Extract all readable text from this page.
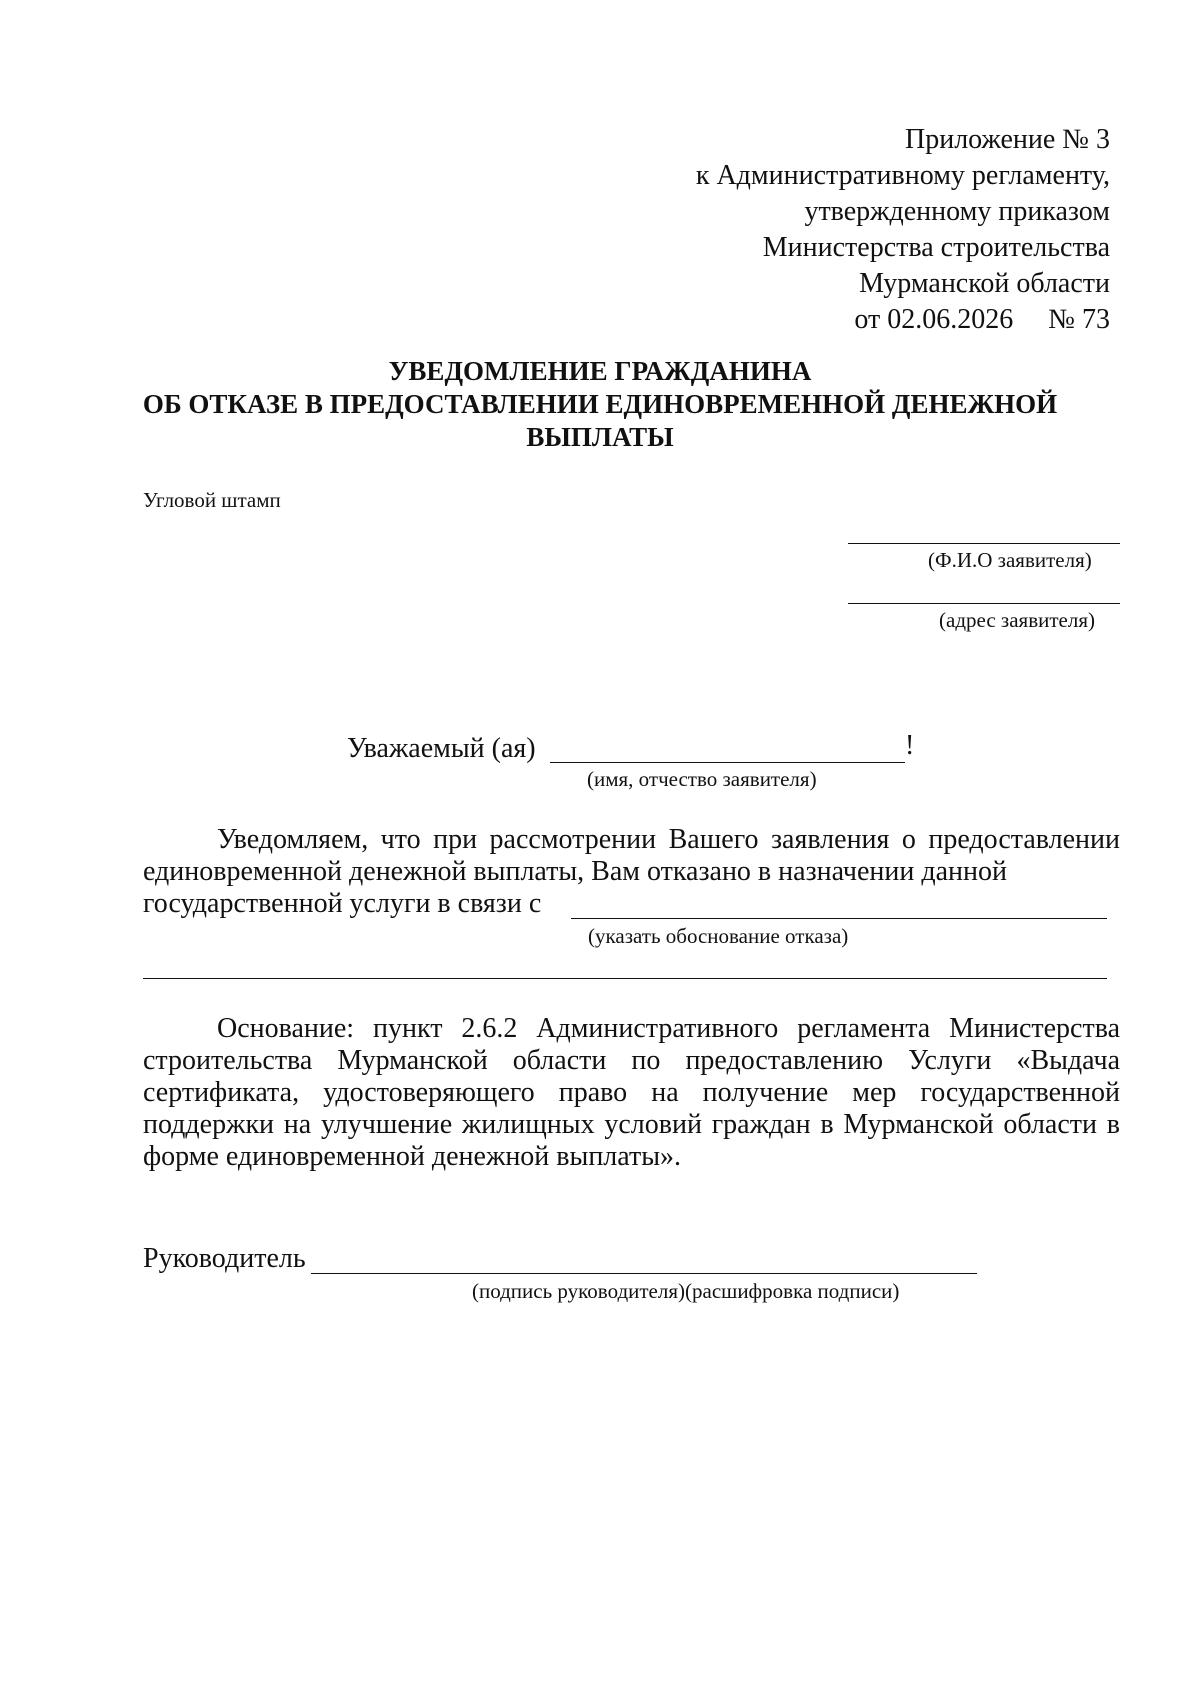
Приложение № 3
к Административному регламенту,
утвержденному приказом
Министерства строительства
Мурманской области
от 02.06.2026     № 73
УВЕДОМЛЕНИЕ ГРАЖДАНИНА
ОБ ОТКАЗЕ В ПРЕДОСТАВЛЕНИИ ЕДИНОВРЕМЕННОЙ ДЕНЕЖНОЙ
ВЫПЛАТЫ
Угловой штамп
(Ф.И.О заявителя)
(адрес заявителя)
Уважаемый (ая)	!
(имя, отчество заявителя)
Уведомляем, что при рассмотрении Вашего заявления о предоставлении единовременной денежной выплаты, Вам отказано в назначении данной
государственной услуги в связи с
(указать обоснование отказа)
Основание: пункт 2.6.2 Административного регламента Министерства строительства Мурманской области по предоставлению Услуги «Выдача сертификата, удостоверяющего право на получение мер государственной поддержки на улучшение жилищных условий граждан в Мурманской области в форме единовременной денежной выплаты».
Руководитель
(подпись руководителя)(расшифровка подписи)
